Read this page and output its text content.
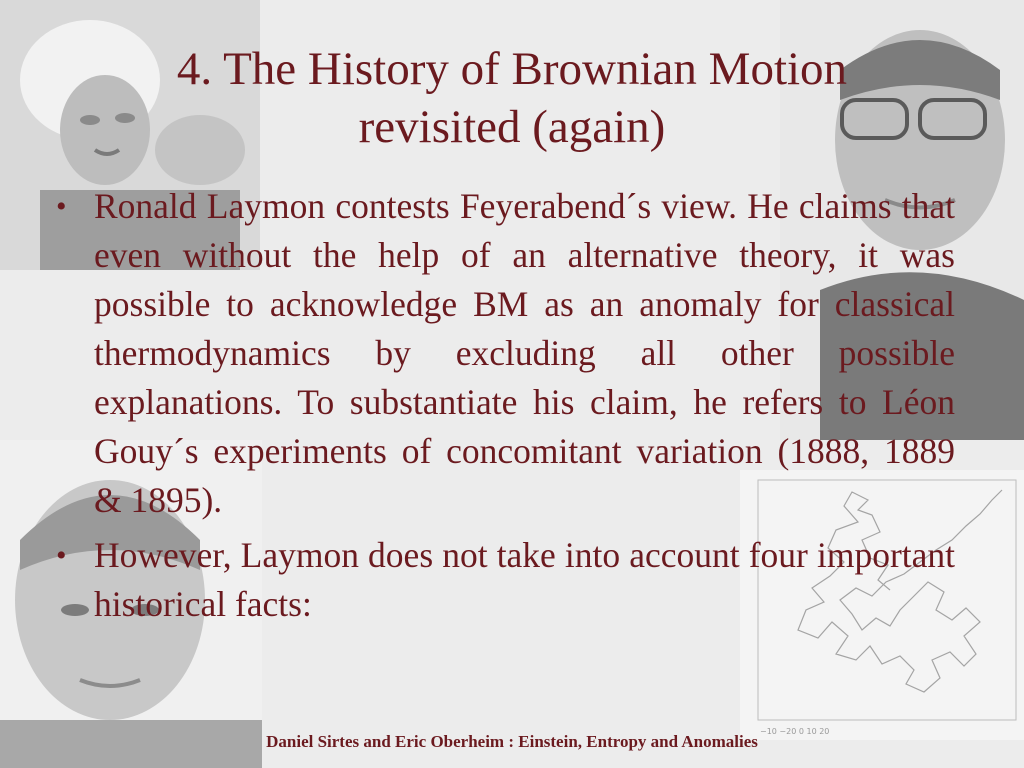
−10 −20 0 10 20
4. The History of Brownian Motion
revisited (again)
• Ronald Laymon contests Feyerabend´s view. He claims that even without the help of an alternative theory, it was possible to acknowledge BM as an anomaly for classical thermodynamics by excluding all other possible explanations. To substantiate his claim, he refers to Léon Gouy´s experiments of concomitant variation (1888, 1889 & 1895).
• However, Laymon does not take into account four important historical facts:
Daniel Sirtes and Eric Oberheim : Einstein, Entropy and Anomalies
